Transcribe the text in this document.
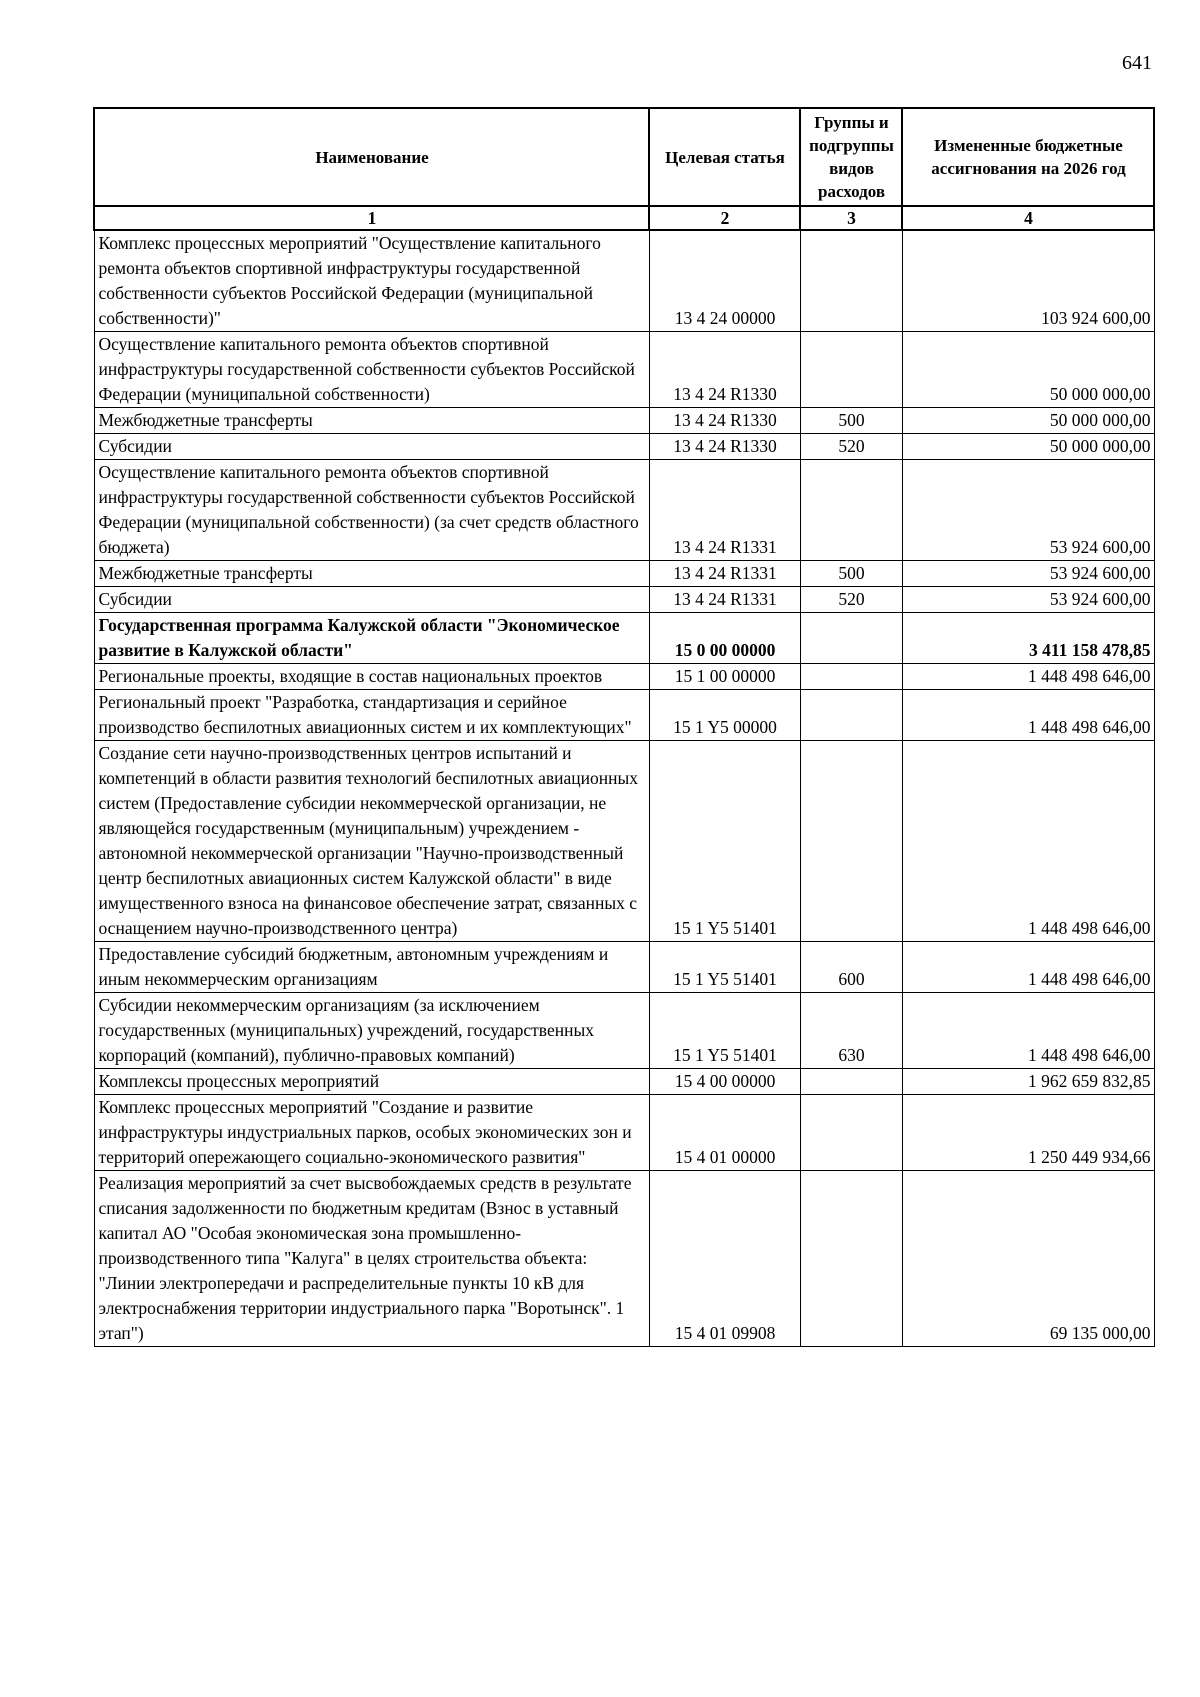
641
Наименование	Целевая статья	Группы и подгруппы видов расходов	Измененные бюджетные ассигнования на 2026 год
1	2	3	4
Комплекс процессных мероприятий "Осуществление капитального ремонта объектов спортивной инфраструктуры государственной собственности субъектов Российской Федерации (муниципальной собственности)"	13 4 24 00000		103 924 600,00
Осуществление капитального ремонта объектов спортивной инфраструктуры государственной собственности субъектов Российской Федерации (муниципальной собственности)	13 4 24 R1330		50 000 000,00
Межбюджетные трансферты	13 4 24 R1330	500	50 000 000,00
Субсидии	13 4 24 R1330	520	50 000 000,00
Осуществление капитального ремонта объектов спортивной инфраструктуры государственной собственности субъектов Российской Федерации (муниципальной собственности) (за счет средств областного бюджета)	13 4 24 R1331		53 924 600,00
Межбюджетные трансферты	13 4 24 R1331	500	53 924 600,00
Субсидии	13 4 24 R1331	520	53 924 600,00
Государственная программа Калужской области "Экономическое развитие в Калужской области"	15 0 00 00000		3 411 158 478,85
Региональные проекты, входящие в состав национальных проектов	15 1 00 00000		1 448 498 646,00
Региональный проект "Разработка, стандартизация и серийное производство беспилотных авиационных систем и их комплектующих"	15 1 Y5 00000		1 448 498 646,00
Создание сети научно-производственных центров испытаний и компетенций в области развития технологий беспилотных авиационных систем (Предоставление субсидии некоммерческой организации, не являющейся государственным (муниципальным) учреждением - автономной некоммерческой организации "Научно-производственный центр беспилотных авиационных систем Калужской области" в виде имущественного взноса на финансовое обеспечение затрат, связанных с оснащением научно-производственного центра)	15 1 Y5 51401		1 448 498 646,00
Предоставление субсидий бюджетным, автономным учреждениям и иным некоммерческим организациям	15 1 Y5 51401	600	1 448 498 646,00
Субсидии некоммерческим организациям (за исключением государственных (муниципальных) учреждений, государственных корпораций (компаний), публично-правовых компаний)	15 1 Y5 51401	630	1 448 498 646,00
Комплексы процессных мероприятий	15 4 00 00000		1 962 659 832,85
Комплекс процессных мероприятий "Создание и развитие инфраструктуры индустриальных парков, особых экономических зон и территорий опережающего социально-экономического развития"	15 4 01 00000		1 250 449 934,66
Реализация мероприятий за счет высвобождаемых средств в результате списания задолженности по бюджетным кредитам (Взнос в уставный капитал АО "Особая экономическая зона промышленно-производственного типа "Калуга" в целях строительства объекта: "Линии электропередачи и распределительные пункты 10 кВ для электроснабжения территории индустриального парка "Воротынск". 1 этап")	15 4 01 09908		69 135 000,00
